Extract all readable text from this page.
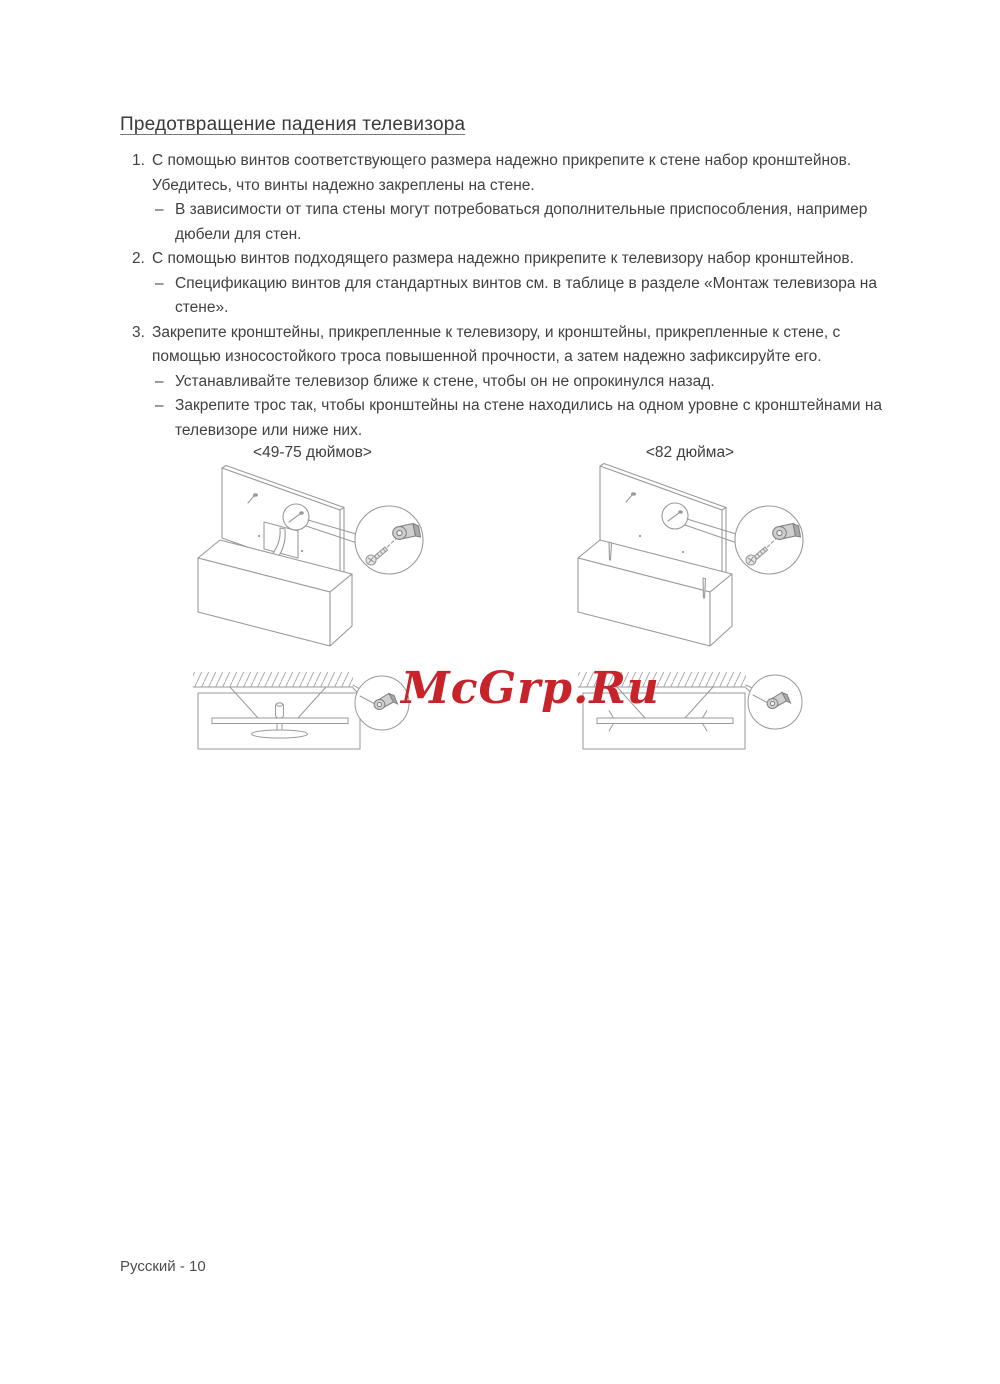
Предотвращение падения телевизора
1. С помощью винтов соответствующего размера надежно прикрепите к стене набор кронштейнов. Убедитесь, что винты надежно закреплены на стене.
– В зависимости от типа стены могут потребоваться дополнительные приспособления, например дюбели для стен.
2. С помощью винтов подходящего размера надежно прикрепите к телевизору набор кронштейнов.
– Спецификацию винтов для стандартных винтов см. в таблице в разделе «Монтаж телевизора на стене».
3. Закрепите кронштейны, прикрепленные к телевизору, и кронштейны, прикрепленные к стене, с помощью износостойкого троса повышенной прочности, а затем надежно зафиксируйте его.
– Устанавливайте телевизор ближе к стене, чтобы он не опрокинулся назад.
– Закрепите трос так, чтобы кронштейны на стене находились на одном уровне с кронштейнами на телевизоре или ниже них.
<49-75 дюймов>	<82 дюйма>
McGrp.Ru
Русский - 10
